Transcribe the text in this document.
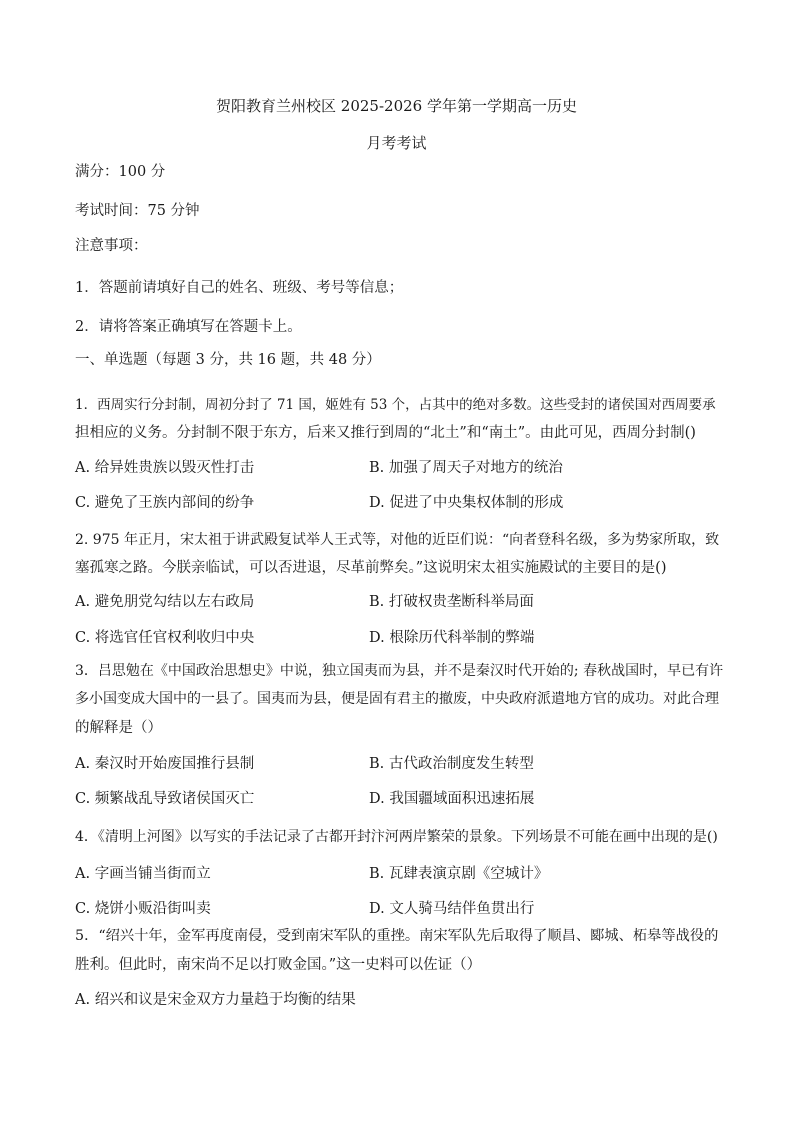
贺阳教育兰州校区 2025-2026 学年第一学期高一历史
月考考试
满分：100 分
考试时间：75 分钟
注意事项：
1．答题前请填好自己的姓名、班级、考号等信息；
2．请将答案正确填写在答题卡上。
一、单选题（每题 3 分，共 16 题，共 48 分）
1．西周实行分封制，周初分封了 71 国，姬姓有 53 个，占其中的绝对多数。这些受封的诸侯国对西周要承
担相应的义务。分封制不限于东方，后来又推行到周的“北土”和“南土”。由此可见，西周分封制()
A. 给异姓贵族以毁灭性打击	B. 加强了周天子对地方的统治
C. 避免了王族内部间的纷争	D. 促进了中央集权体制的形成
2. 975 年正月，宋太祖于讲武殿复试举人王式等，对他的近臣们说：“向者登科名级，多为势家所取，致
塞孤寒之路。今朕亲临试，可以否进退，尽革前弊矣。”这说明宋太祖实施殿试的主要目的是()
A. 避免朋党勾结以左右政局	B. 打破权贵垄断科举局面
C. 将选官任官权利收归中央	D. 根除历代科举制的弊端
3．吕思勉在《中国政治思想史》中说，独立国夷而为县，并不是秦汉时代开始的; 春秋战国时，早已有许
多小国变成大国中的一县了。国夷而为县，便是固有君主的撤废，中央政府派遣地方官的成功。对此合理
的解释是（）
A. 秦汉时开始废国推行县制	B. 古代政治制度发生转型
C. 频繁战乱导致诸侯国灭亡	D. 我国疆域面积迅速拓展
4．《清明上河图》以写实的手法记录了古都开封汴河两岸繁荣的景象。下列场景不可能在画中出现的是()
A. 字画当铺当街而立	B. 瓦肆表演京剧《空城计》
C. 烧饼小贩沿街叫卖	D. 文人骑马结伴鱼贯出行
5．“绍兴十年，金军再度南侵，受到南宋军队的重挫。南宋军队先后取得了顺昌、郾城、柘皋等战役的
胜利。但此时，南宋尚不足以打败金国。”这一史料可以佐证（）
A. 绍兴和议是宋金双方力量趋于均衡的结果
